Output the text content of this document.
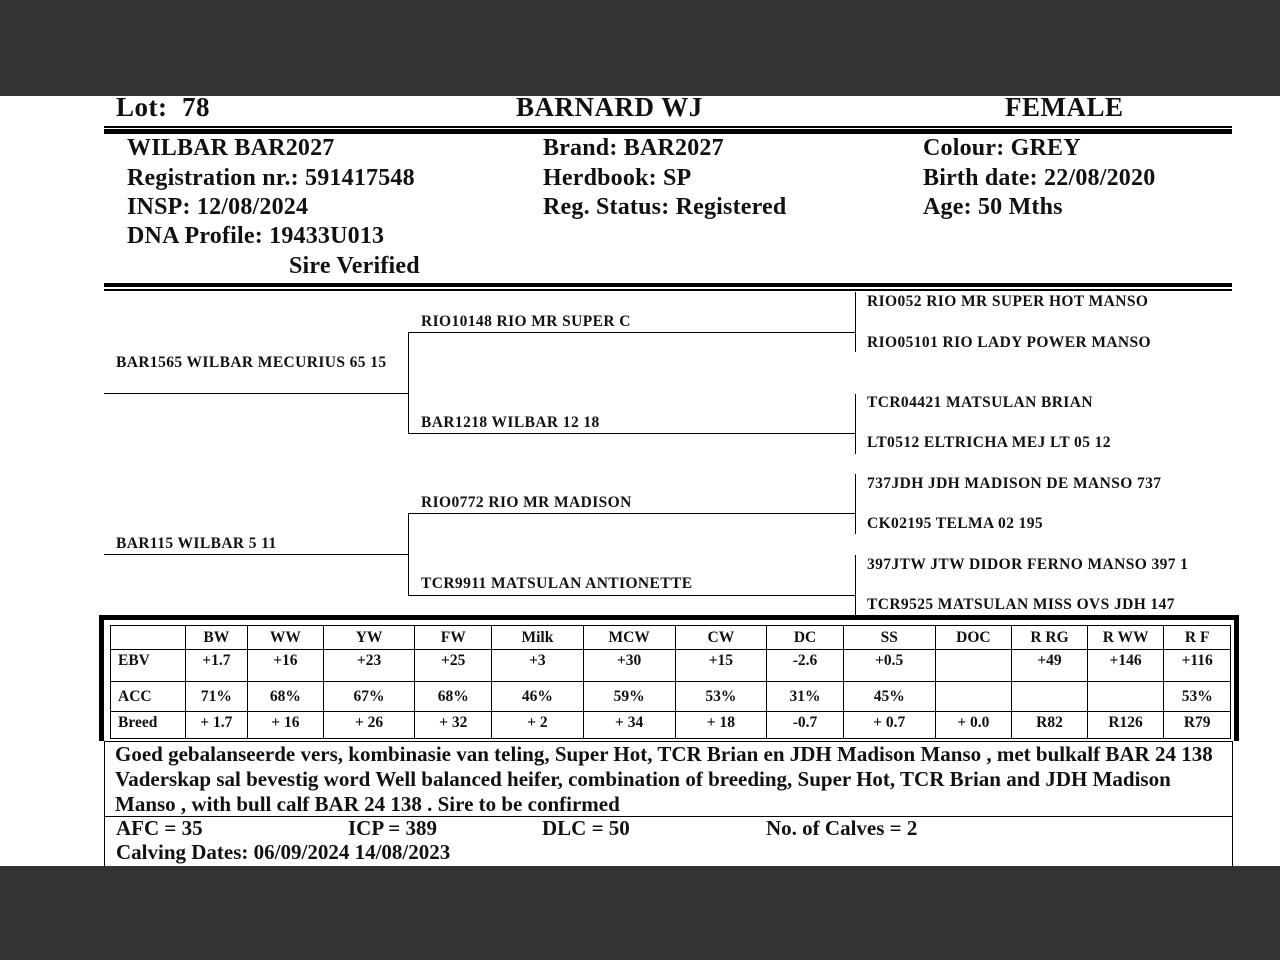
Lot: 78	BARNARD WJ	FEMALE
WILBAR BAR2027
Registration nr.: 591417548
INSP: 12/08/2024
DNA Profile: 19433U013
Sire Verified
Brand: BAR2027
Herdbook: SP
Reg. Status: Registered
Colour: GREY
Birth date: 22/08/2020
Age: 50 Mths
BAR1565 WILBAR MECURIUS 65 15
BAR115 WILBAR 5 11
RIO10148 RIO MR SUPER C
BAR1218 WILBAR 12 18
RIO0772 RIO MR MADISON
TCR9911 MATSULAN ANTIONETTE
RIO052 RIO MR SUPER HOT MANSO
RIO05101 RIO LADY POWER MANSO
TCR04421 MATSULAN BRIAN
LT0512 ELTRICHA MEJ LT 05 12
737JDH JDH MADISON DE MANSO 737
CK02195 TELMA 02 195
397JTW JTW DIDOR FERNO MANSO 397 1
TCR9525 MATSULAN MISS OVS JDH 147
	BW	WW	YW	FW	Milk	MCW	CW	DC	SS	DOC	R RG	R WW	R F
EBV	+1.7	+16	+23	+25	+3	+30	+15	-2.6	+0.5		+49	+146	+116
ACC	71%	68%	67%	68%	46%	59%	53%	31%	45%				53%
Breed	+ 1.7	+ 16	+ 26	+ 32	+ 2	+ 34	+ 18	-0.7	+ 0.7	+ 0.0	R82	R126	R79
Goed gebalanseerde vers, kombinasie van teling, Super Hot, TCR Brian en JDH Madison Manso , met bulkalf BAR 24 138 Vaderskap sal bevestig word Well balanced heifer, combination of breeding, Super Hot, TCR Brian and JDH Madison Manso , with bull calf BAR 24 138 . Sire to be confirmed
AFC = 35	ICP = 389	DLC = 50	No. of Calves = 2
Calving Dates: 06/09/2024 14/08/2023
